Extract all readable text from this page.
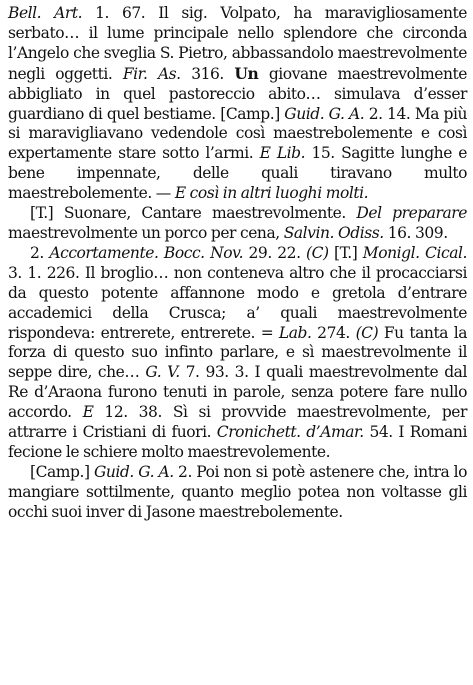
Bell. Art. 1. 67. Il sig. Volpato, ha maravigliosamente serbato… il lume principale nello splendore che circonda l’Angelo che sveglia S. Pietro, abbassandolo maestrevolmente negli oggetti. Fir. As. 316. Un giovane maestrevolmente abbigliato in quel pastoreccio abito… simulava d’esser guardiano di quel bestiame. [Camp.] Guid. G. A. 2. 14. Ma più si maravigliavano vedendole così maestrebolemente e così expertamente stare sotto l’armi. E Lib. 15. Sagitte lunghe e bene impennate, delle quali tiravano multo maestrebolemente. — E così in altri luoghi molti.

[T.] Suonare, Cantare maestrevolmente. Del preparare maestrevolmente un porco per cena, Salvin. Odiss. 16. 309.

2. Accortamente. Bocc. Nov. 29. 22. (C) [T.] Monigl. Cical. 3. 1. 226. Il broglio… non conteneva altro che il procacciarsi da questo potente affannone modo e gretola d’entrare accademici della Crusca; a’ quali maestrevolmente rispondeva: entrerete, entrerete. = Lab. 274. (C) Fu tanta la forza di questo suo infinto parlare, e sì maestrevolmente il seppe dire, che… G. V. 7. 93. 3. I quali maestrevolmente dal Re d’Araona furono tenuti in parole, senza potere fare nullo accordo. E 12. 38. Sì si provvide maestrevolmente, per attrarre i Cristiani di fuori. Cronichett. d’Amar. 54. I Romani fecione le schiere molto maestrevolemente.

[Camp.] Guid. G. A. 2. Poi non si potè astenere che, intra lo mangiare sottilmente, quanto meglio potea non voltasse gli occhi suoi inver di Jasone maestrebolemente.
